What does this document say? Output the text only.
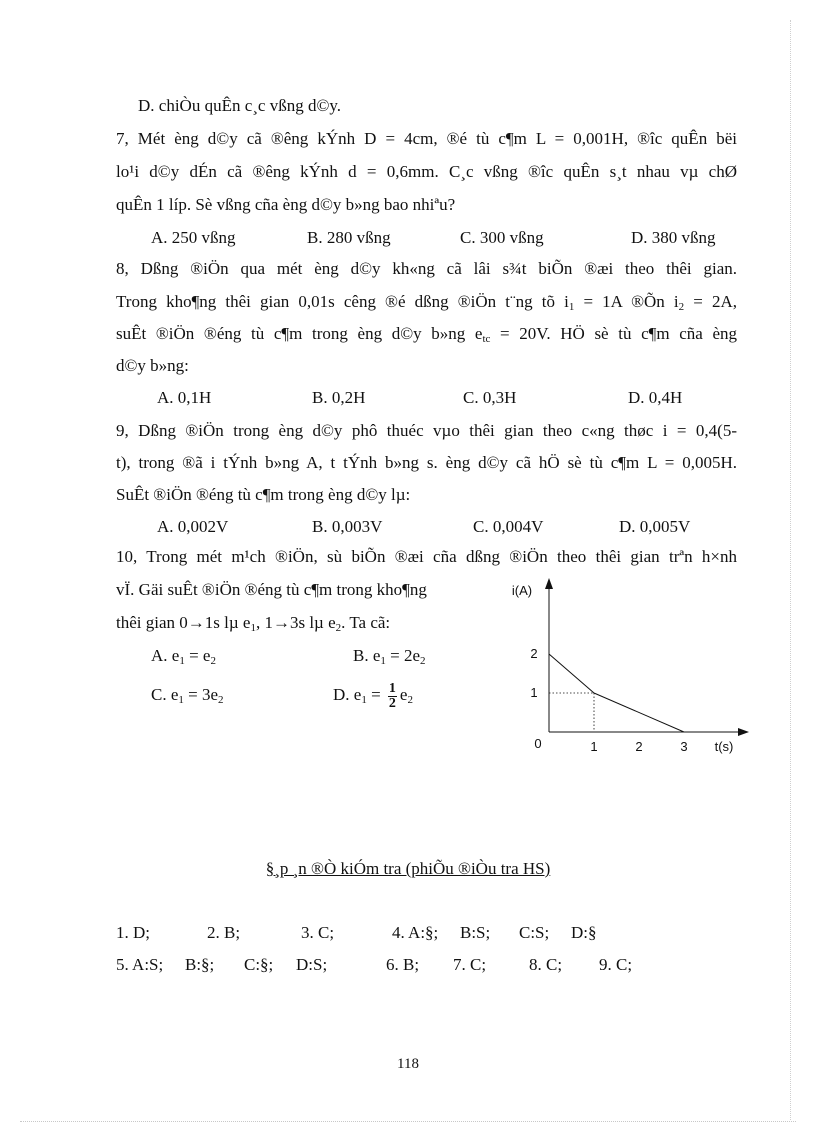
D. chiÒu quÊn c¸c vßng d©y.
7, Mét èng d©y cã ®êng kÝnh D = 4cm, ®é tù c¶m L = 0,001H, ®îc quÊn bëi
lo¹i d©y dÉn cã ®êng kÝnh d = 0,6mm. C¸c vßng ®îc quÊn s¸t nhau vµ chØ
quÊn 1 líp. Sè vßng cña èng d©y b»ng bao nhiªu?
A. 250 vßng	B. 280 vßng	C. 300 vßng	D. 380 vßng
8, Dßng ®iÖn qua mét èng d©y kh«ng cã lâi s¾t biÕn ®æi theo thêi gian.
Trong kho¶ng thêi gian 0,01s cêng ®é dßng ®iÖn t¨ng tõ $i_1 = 1A$ ®Õn $i_2 = 2A$,
suÊt ®iÖn ®éng tù c¶m trong èng d©y b»ng $e_{tc} = 20V$. HÖ sè tù c¶m cña èng
d©y b»ng:
A. 0,1H	B. 0,2H	C. 0,3H	D. 0,4H
9, Dßng ®iÖn trong èng d©y phô thuéc vµo thêi gian theo c«ng thøc i = 0,4(5-
t), trong ®ã i tÝnh b»ng A, t tÝnh b»ng s. èng d©y cã hÖ sè tù c¶m L = 0,005H.
SuÊt ®iÖn ®éng tù c¶m trong èng d©y lµ:
A. 0,002V	B. 0,003V	C. 0,004V	D. 0,005V
10, Trong mét m¹ch ®iÖn, sù biÕn ®æi cña dßng ®iÖn theo thêi gian trªn h×nh
vÏ. Gäi suÊt ®iÖn ®éng tù c¶m trong kho¶ng
thêi gian 0→1s lµ $e_1$, 1→3s lµ $e_2$. Ta cã:
A. $e_1 = e_2$	B. $e_1 = 2e_2$
C. $e_1 = 3e_2$	D. $e_1 = \frac{1}{2} e_2$
i(A)
t(s)
0
2
1
1	2	3
§¸p ¸n ®Ò kiÓm tra (phiÕu ®iÒu tra HS)
1. D;	2. B;	3. C;	4. A:§; B:S; C:S; D:§
5. A:S; B:§; C:§; D:S;	6. B; 7. C;	8. C; 9. C;
118
